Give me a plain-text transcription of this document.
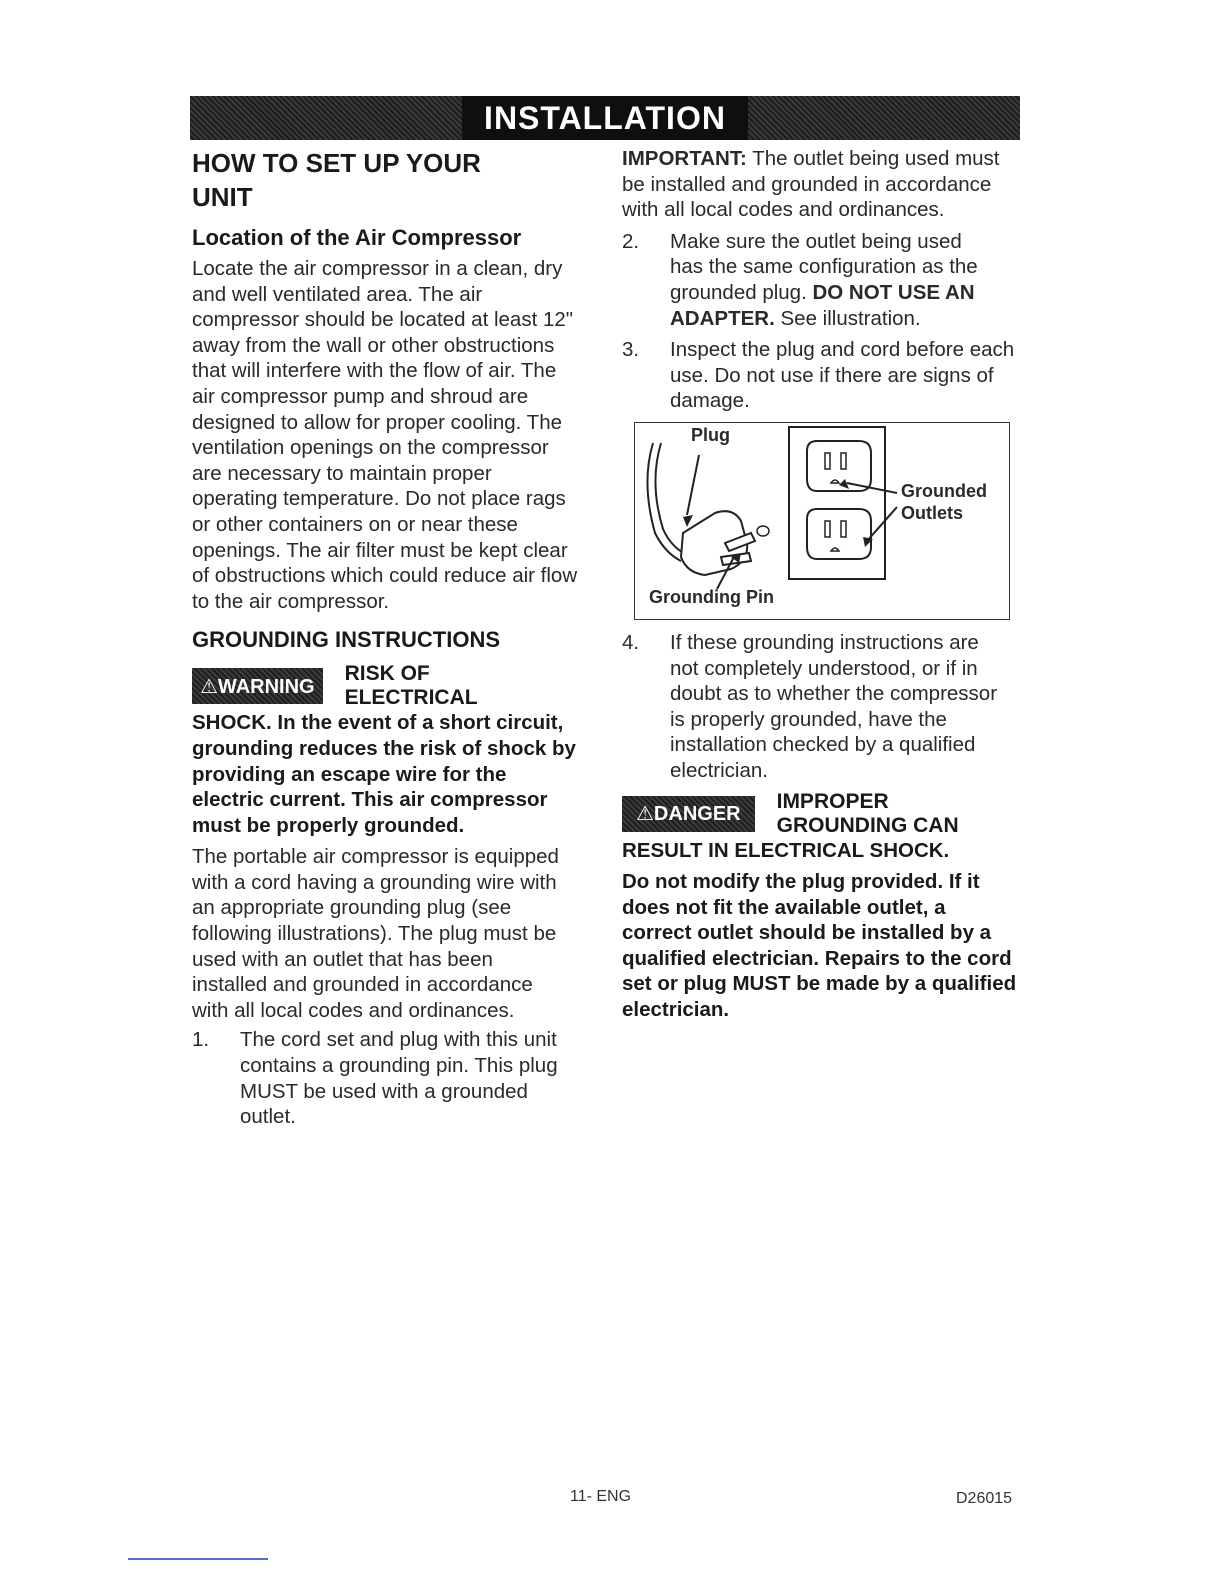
INSTALLATION
HOW TO SET UP YOUR UNIT
Location of the Air Compressor

Locate the air compressor in a clean, dry and well ventilated area. The air compressor should be located at least 12" away from the wall or other obstructions that will interfere with the flow of air. The air compressor pump and shroud are designed to allow for proper cooling. The ventilation openings on the compressor are necessary to maintain proper operating temperature. Do not place rags or other containers on or near these openings. The air filter must be kept clear of obstructions which could reduce air flow to the air compressor.

GROUNDING INSTRUCTIONS
⚠WARNING
RISK OF ELECTRICAL

SHOCK. In the event of a short circuit, grounding reduces the risk of shock by providing an escape wire for the electric current. This air compressor must be properly grounded.

The portable air compressor is equipped with a cord having a grounding wire with an appropriate grounding plug (see following illustrations). The plug must be used with an outlet that has been installed and grounded in accordance with all local codes and ordinances.

1.	The cord set and plug with this unit contains a grounding pin. This plug MUST be used with a grounded outlet.

IMPORTANT: The outlet being used must be installed and grounded in accordance with all local codes and ordinances.

2.	Make sure the outlet being used has the same configuration as the grounded plug. DO NOT USE AN ADAPTER. See illustration.
3.	Inspect the plug and cord before each use. Do not use if there are signs of damage.
Plug
Grounding Pin
Grounded
Outlets
4.	If these grounding instructions are not completely understood, or if in doubt as to whether the compressor is properly grounded, have the installation checked by a qualified electrician.
⚠DANGER
IMPROPER GROUNDING CAN

RESULT IN ELECTRICAL SHOCK.

Do not modify the plug provided. If it does not fit the available outlet, a correct outlet should be installed by a qualified electrician. Repairs to the cord set or plug MUST be made by a qualified electrician.

11- ENG	D26015
